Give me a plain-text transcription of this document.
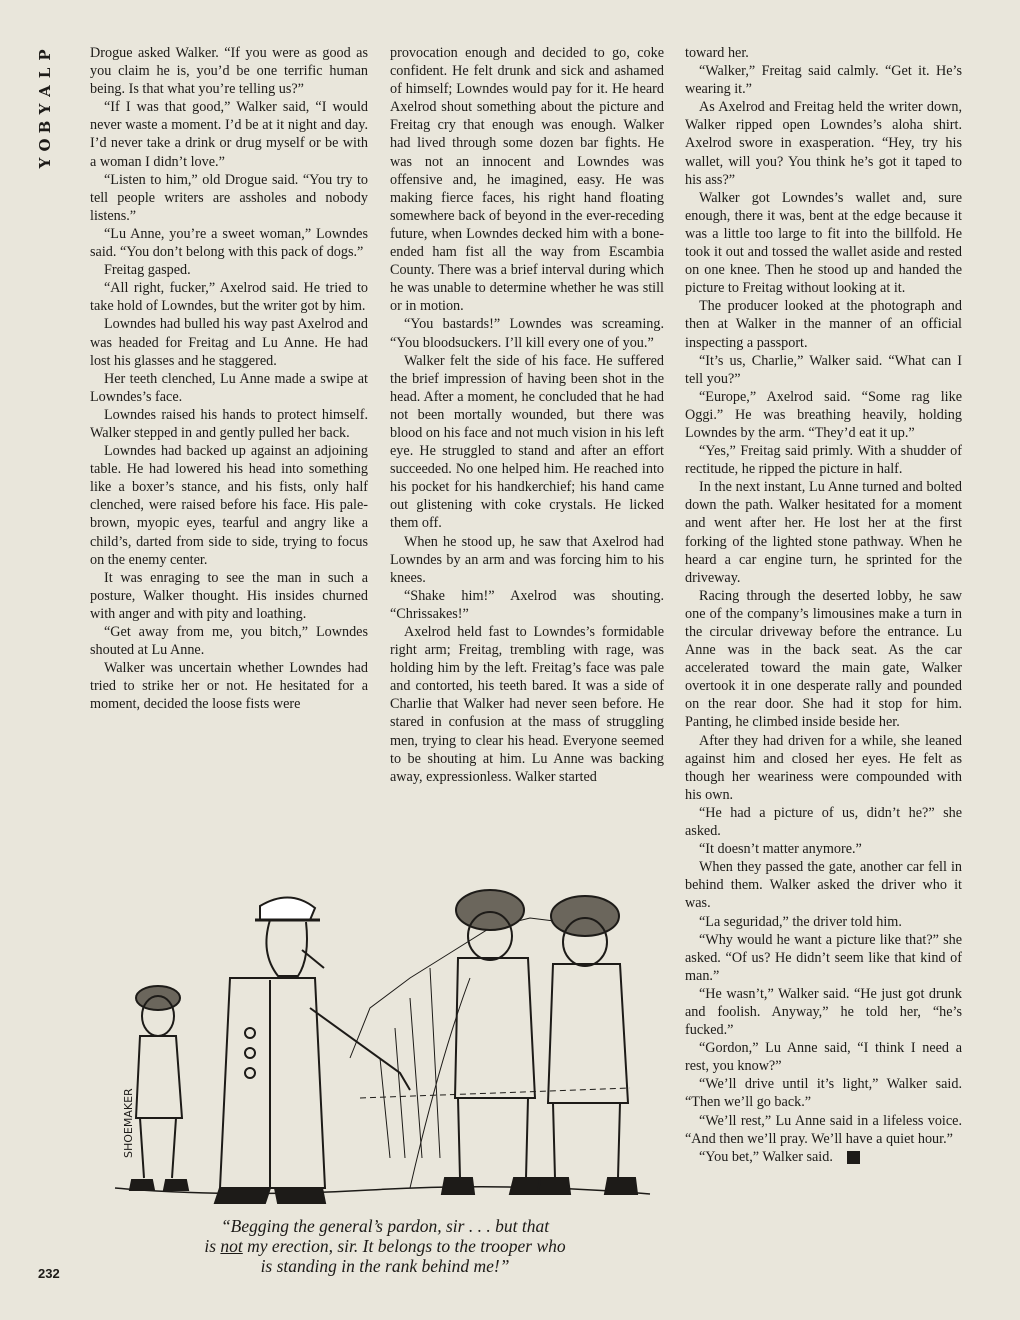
P
L
A
Y
B
O
Y

Drogue asked Walker. “If you were as good as you claim he is, you’d be one terrific human being. Is that what you’re telling us?”

“If I was that good,” Walker said, “I would never waste a moment. I’d be at it night and day. I’d never take a drink or drug myself or be with a woman I didn’t love.”

“Listen to him,” old Drogue said. “You try to tell people writers are assholes and nobody listens.”

“Lu Anne, you’re a sweet woman,” Lowndes said. “You don’t belong with this pack of dogs.”

Freitag gasped.

“All right, fucker,” Axelrod said. He tried to take hold of Lowndes, but the writer got by him.

Lowndes had bulled his way past Axelrod and was headed for Freitag and Lu Anne. He had lost his glasses and he staggered.

Her teeth clenched, Lu Anne made a swipe at Lowndes’s face.

Lowndes raised his hands to protect himself. Walker stepped in and gently pulled her back.

Lowndes had backed up against an adjoining table. He had lowered his head into something like a boxer’s stance, and his fists, only half clenched, were raised before his face. His pale-brown, myopic eyes, tearful and angry like a child’s, darted from side to side, trying to focus on the enemy center.

It was enraging to see the man in such a posture, Walker thought. His insides churned with anger and with pity and loathing.

“Get away from me, you bitch,” Lowndes shouted at Lu Anne.

Walker was uncertain whether Lowndes had tried to strike her or not. He hesitated for a moment, decided the loose fists were

provocation enough and decided to go, coke confident. He felt drunk and sick and ashamed of himself; Lowndes would pay for it. He heard Axelrod shout something about the picture and Freitag cry that enough was enough. Walker had lived through some dozen bar fights. He was not an innocent and Lowndes was offensive and, he imagined, easy. He was making fierce faces, his right hand floating somewhere back of beyond in the ever-receding future, when Lowndes decked him with a bone-ended ham fist all the way from Escambia County. There was a brief interval during which he was unable to determine whether he was still or in motion.

“You bastards!” Lowndes was screaming. “You bloodsuckers. I’ll kill every one of you.”

Walker felt the side of his face. He suffered the brief impression of having been shot in the head. After a moment, he concluded that he had not been mortally wounded, but there was blood on his face and not much vision in his left eye. He struggled to stand and after an effort succeeded. No one helped him. He reached into his pocket for his handkerchief; his hand came out glistening with coke crystals. He licked them off.

When he stood up, he saw that Axelrod had Lowndes by an arm and was forcing him to his knees.

“Shake him!” Axelrod was shouting. “Chrissakes!”

Axelrod held fast to Lowndes’s formidable right arm; Freitag, trembling with rage, was holding him by the left. Freitag’s face was pale and contorted, his teeth bared. It was a side of Charlie that Walker had never seen before. He stared in confusion at the mass of struggling men, trying to clear his head. Everyone seemed to be shouting at him. Lu Anne was backing away, expressionless. Walker started

toward her.

“Walker,” Freitag said calmly. “Get it. He’s wearing it.”

As Axelrod and Freitag held the writer down, Walker ripped open Lowndes’s aloha shirt. Axelrod swore in exasperation. “Hey, try his wallet, will you? You think he’s got it taped to his ass?”

Walker got Lowndes’s wallet and, sure enough, there it was, bent at the edge because it was a little too large to fit into the billfold. He took it out and tossed the wallet aside and rested on one knee. Then he stood up and handed the picture to Freitag without looking at it.

The producer looked at the photograph and then at Walker in the manner of an official inspecting a passport.

“It’s us, Charlie,” Walker said. “What can I tell you?”

“Europe,” Axelrod said. “Some rag like Oggi.” He was breathing heavily, holding Lowndes by the arm. “They’d eat it up.”

“Yes,” Freitag said primly. With a shudder of rectitude, he ripped the picture in half.

In the next instant, Lu Anne turned and bolted down the path. Walker hesitated for a moment and went after her. He lost her at the first forking of the lighted stone pathway. When he heard a car engine turn, he sprinted for the driveway.

Racing through the deserted lobby, he saw one of the company’s limousines make a turn in the circular driveway before the entrance. Lu Anne was in the back seat. As the car accelerated toward the main gate, Walker overtook it in one desperate rally and pounded on the rear door. She had it stop for him. Panting, he climbed inside beside her.

After they had driven for a while, she leaned against him and closed her eyes. He felt as though her weariness were compounded with his own.

“He had a picture of us, didn’t he?” she asked.

“It doesn’t matter anymore.”

When they passed the gate, another car fell in behind them. Walker asked the driver who it was.

“La seguridad,” the driver told him.

“Why would he want a picture like that?” she asked. “Of us? He didn’t seem like that kind of man.”

“He wasn’t,” Walker said. “He just got drunk and foolish. Anyway,” he told her, “he’s fucked.”

“Gordon,” Lu Anne said, “I think I need a rest, you know?”

“We’ll drive until it’s light,” Walker said. “Then we’ll go back.”

“We’ll rest,” Lu Anne said in a lifeless voice. “And then we’ll pray. We’ll have a quiet hour.”

“You bet,” Walker said.	♦

SHOEMAKER
“Begging the general’s pardon, sir . . . but that
is not my erection, sir. It belongs to the trooper who
is standing in the rank behind me!”
232
